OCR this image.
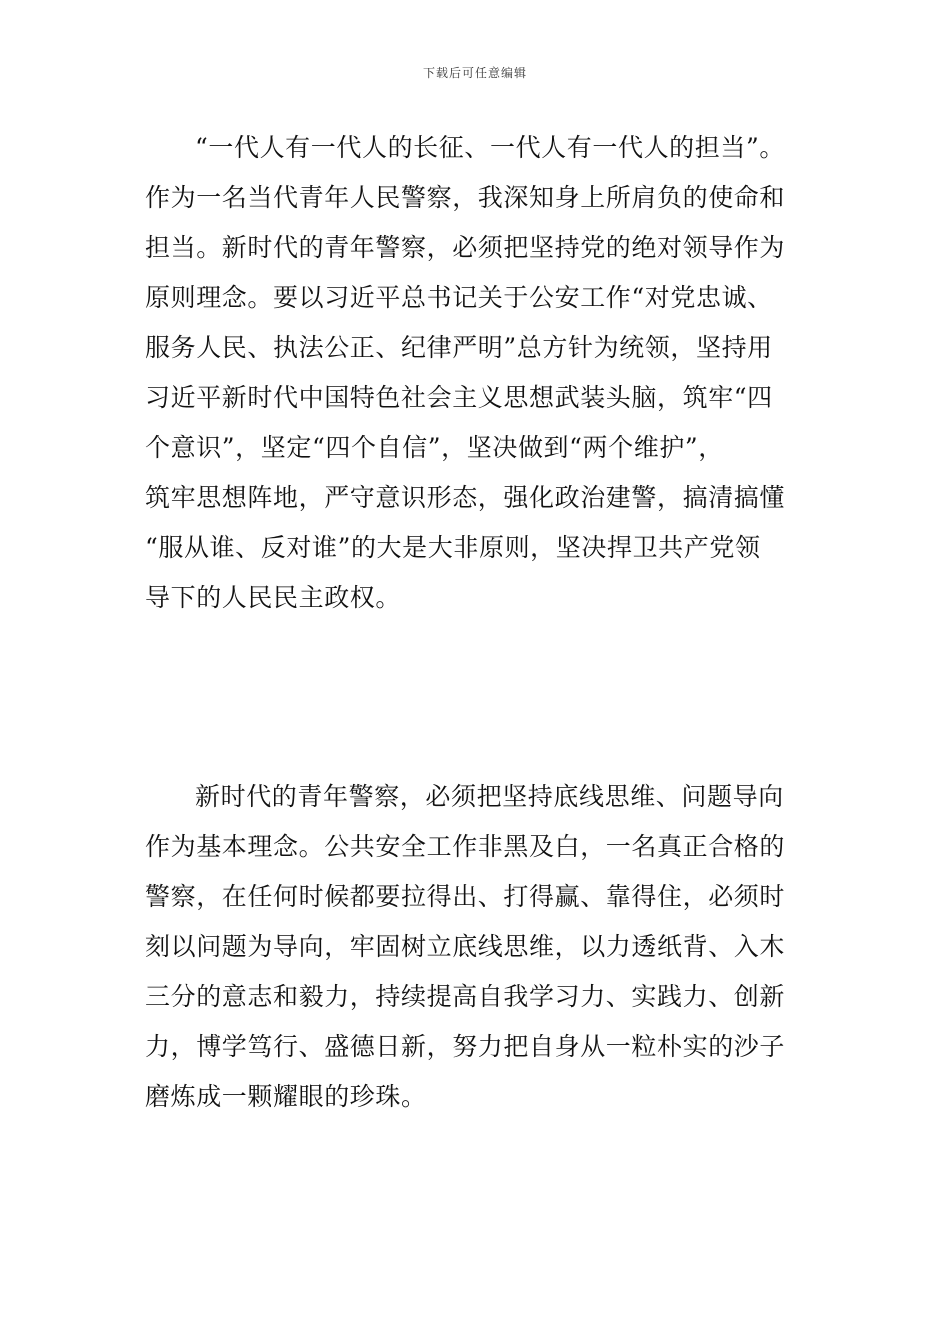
下载后可任意编辑
“一代人有一代人的长征、一代人有一代人的担当”。
作为一名当代青年人民警察，我深知身上所肩负的使命和
担当。新时代的青年警察，必须把坚持党的绝对领导作为
原则理念。要以习近平总书记关于公安工作“对党忠诚、
服务人民、执法公正、纪律严明”总方针为统领，坚持用
习近平新时代中国特色社会主义思想武装头脑，筑牢“四
个意识”，坚定“四个自信”，坚决做到“两个维护”，
筑牢思想阵地，严守意识形态，强化政治建警，搞清搞懂
“服从谁、反对谁”的大是大非原则，坚决捍卫共产党领
导下的人民民主政权。
新时代的青年警察，必须把坚持底线思维、问题导向
作为基本理念。公共安全工作非黑及白，一名真正合格的
警察，在任何时候都要拉得出、打得赢、靠得住，必须时
刻以问题为导向，牢固树立底线思维，以力透纸背、入木
三分的意志和毅力，持续提高自我学习力、实践力、创新
力，博学笃行、盛德日新，努力把自身从一粒朴实的沙子
磨炼成一颗耀眼的珍珠。
